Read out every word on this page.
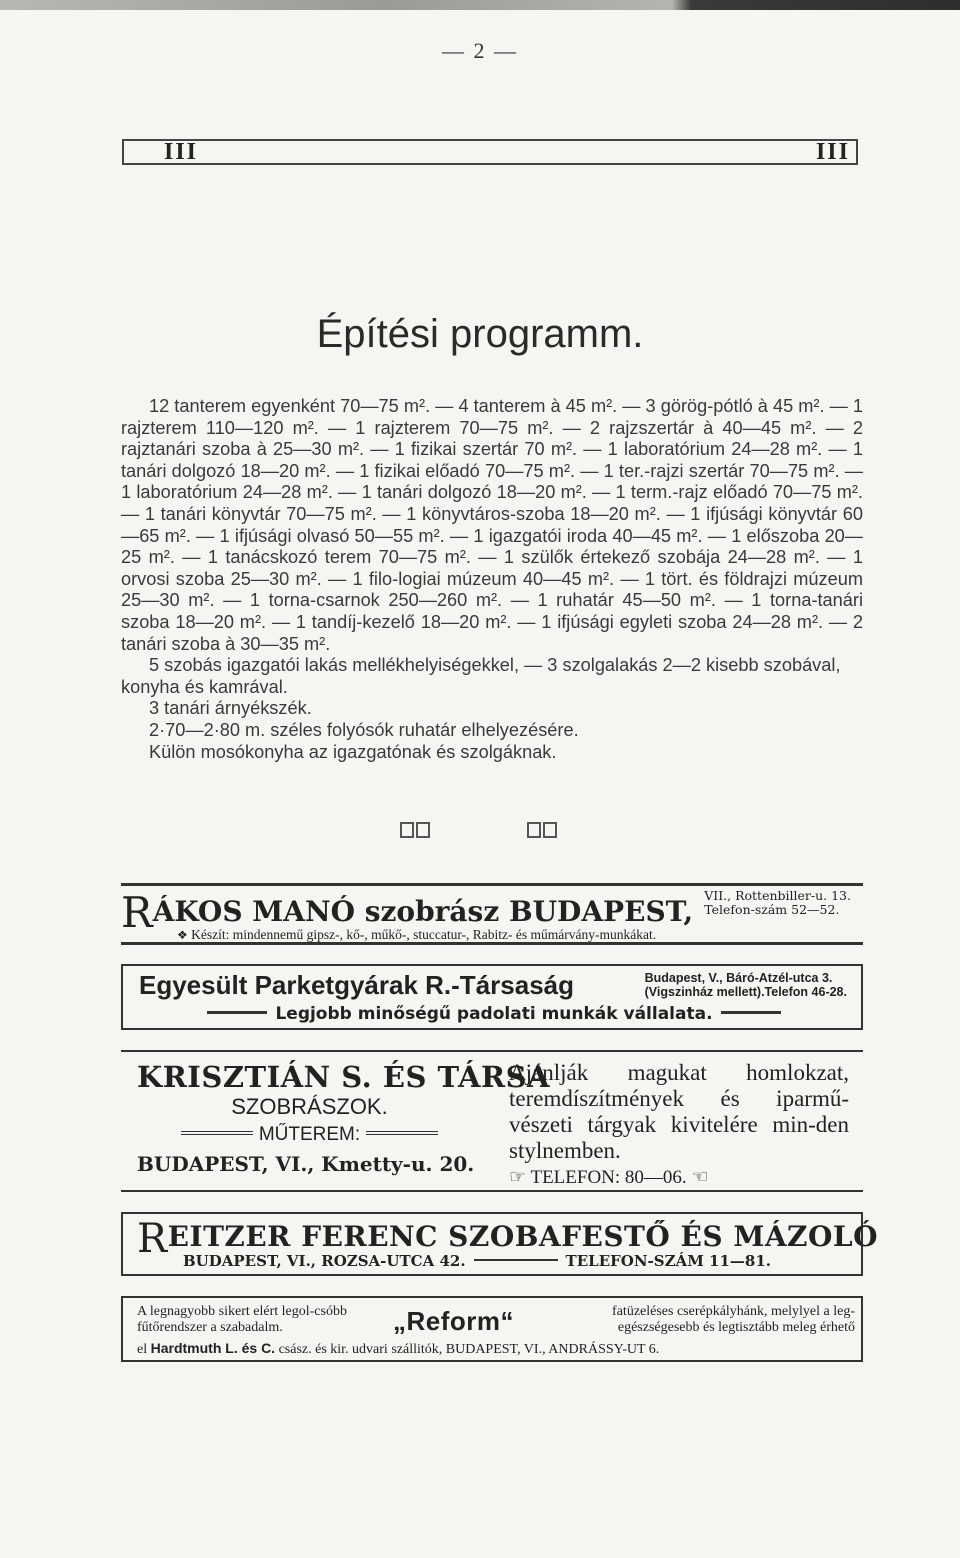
— 2 —
III	III
Építési programm.

12 tanterem egyenként 70—75 m². — 4 tanterem à 45 m². — 3 görög-pótló à 45 m². — 1 rajzterem 110—120 m². — 1 rajzterem 70—75 m². — 2 rajzszertár à 40—45 m². — 2 rajztanári szoba à 25—30 m². — 1 fizikai szertár 70 m². — 1 laboratórium 24—28 m². — 1 tanári dolgozó 18—20 m². — 1 fizikai előadó 70—75 m². — 1 ter.-rajzi szertár 70—75 m². — 1 laboratórium 24—28 m². — 1 tanári dolgozó 18—20 m². — 1 term.-rajz előadó 70—75 m². — 1 tanári könyvtár 70—75 m². — 1 könyvtáros-szoba 18—20 m². — 1 ifjúsági könyvtár 60—65 m². — 1 ifjúsági olvasó 50—55 m². — 1 igazgatói iroda 40—45 m². — 1 előszoba 20—25 m². — 1 tanácskozó terem 70—75 m². — 1 szülők értekező szobája 24—28 m². — 1 orvosi szoba 25—30 m². — 1 filo-logiai múzeum 40—45 m². — 1 tört. és földrajzi múzeum 25—30 m². — 1 torna-csarnok 250—260 m². — 1 ruhatár 45—50 m². — 1 torna-tanári szoba 18—20 m². — 1 tandíj-kezelő 18—20 m². — 1 ifjúsági egyleti szoba 24—28 m². — 2 tanári szoba à 30—35 m².

5 szobás igazgatói lakás mellékhelyiségekkel, — 3 szolgalakás 2—2 kisebb szobával, konyha és kamrával.

3 tanári árnyékszék.

2·70—2·80 m. széles folyósók ruhatár elhelyezésére.

Külön mosókonyha az igazgatónak és szolgáknak.

RÁKOS MANÓ szobrász BUDAPEST, VII., Rottenbiller-u. 13.
Telefon-szám 52—52.
❖ Készít: mindennemű gipsz-, kő-, műkő-, stuccatur-, Rabitz- és műmárvány-munkákat.
Egyesült Parketgyárak R.-Társaság	Budapest, V., Báró-Atzél-utca 3.
(Vigszinház mellett).Telefon 46-28.
Legjobb minőségű padolati munkák vállalata.
KRISZTIÁN S. ÉS TÁRSA
SZOBRÁSZOK.
MŰTEREM:
BUDAPEST, VI., Kmetty-u. 20.
Ajánlják magukat homlokzat, teremdíszítmények és iparmű-vészeti tárgyak kivitelére min-den stylnemben.
☞ TELEFON: 80—06. ☜
REITZER FERENC SZOBAFESTŐ ÉS MÁZOLÓ
BUDAPEST, VI., ROZSA-UTCA 42.	TELEFON-SZÁM 11—81.
A legnagyobb sikert elért legol-csóbb fűtőrendszer a szabadalm.	„Reform“	fatüzeléses cserépkályhánk, melylyel a leg-egészségesebb és legtisztább meleg érhető
el Hardtmuth L. és C. csász. és kir. udvari szállitók, BUDAPEST, VI., ANDRÁSSY-UT 6.
